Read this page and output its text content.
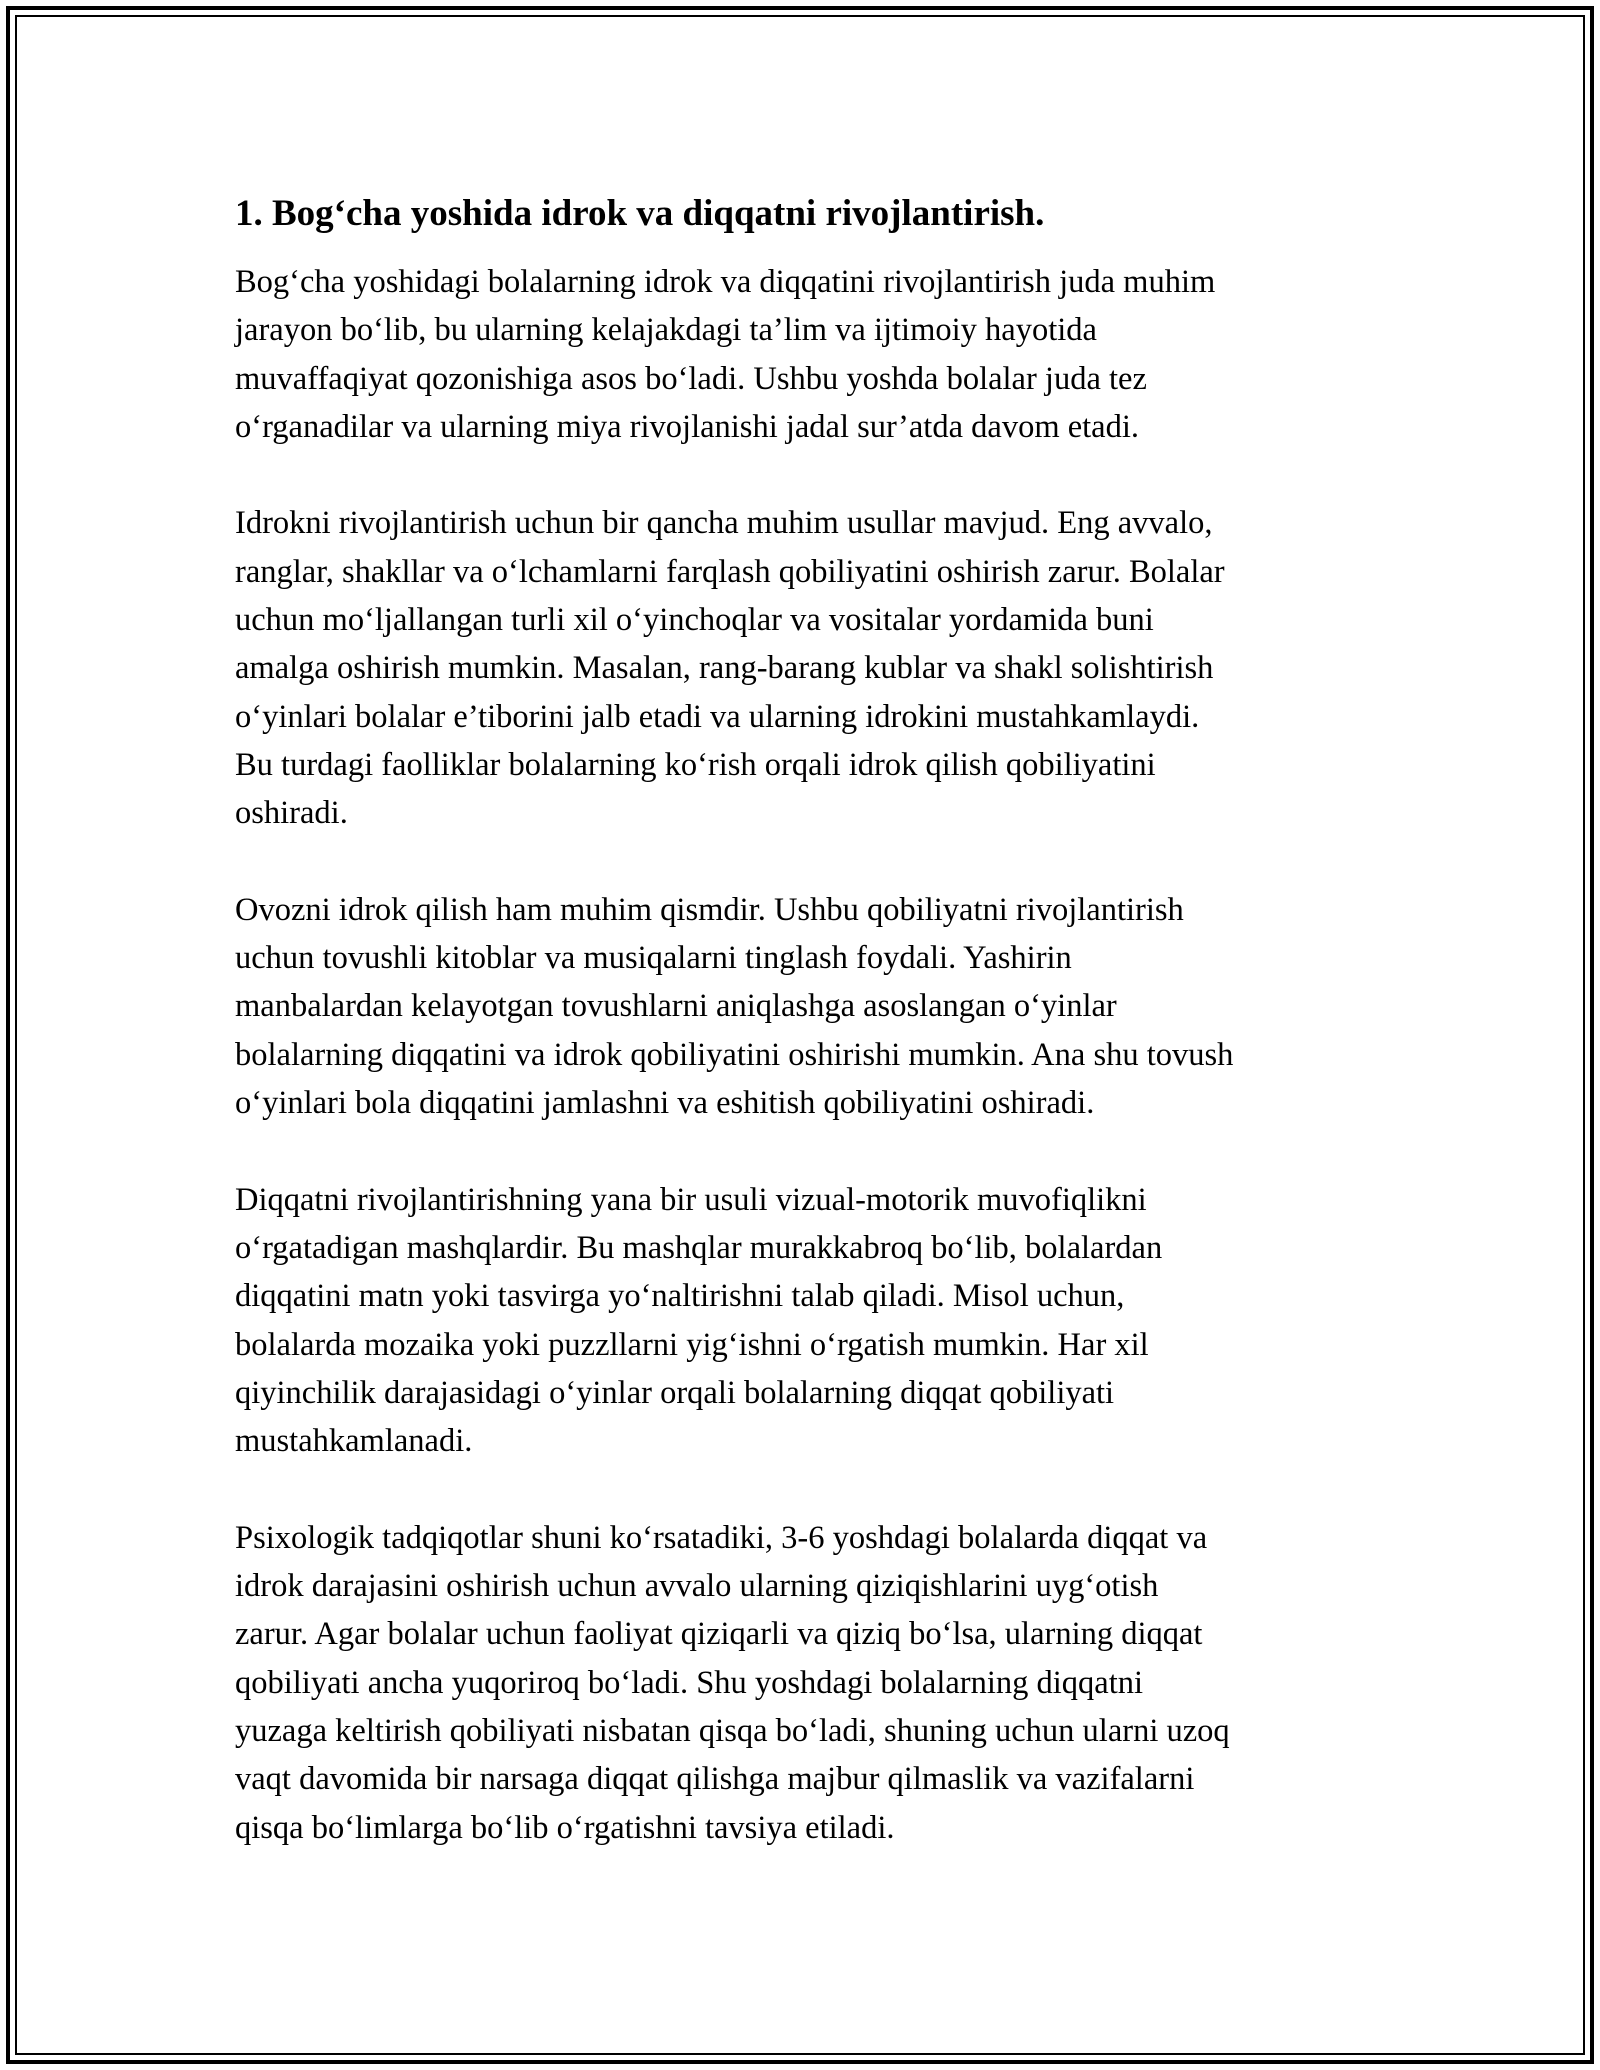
1. Bog‘cha yoshida idrok va diqqatni rivojlantirish.

Bog‘cha yoshidagi bolalarning idrok va diqqatini rivojlantirish juda muhim
jarayon bo‘lib, bu ularning kelajakdagi ta’lim va ijtimoiy hayotida
muvaffaqiyat qozonishiga asos bo‘ladi. Ushbu yoshda bolalar juda tez
o‘rganadilar va ularning miya rivojlanishi jadal sur’atda davom etadi.

Idrokni rivojlantirish uchun bir qancha muhim usullar mavjud. Eng avvalo,
ranglar, shakllar va o‘lchamlarni farqlash qobiliyatini oshirish zarur. Bolalar
uchun mo‘ljallangan turli xil o‘yinchoqlar va vositalar yordamida buni
amalga oshirish mumkin. Masalan, rang-barang kublar va shakl solishtirish
o‘yinlari bolalar e’tiborini jalb etadi va ularning idrokini mustahkamlaydi.
Bu turdagi faolliklar bolalarning ko‘rish orqali idrok qilish qobiliyatini
oshiradi.

Ovozni idrok qilish ham muhim qismdir. Ushbu qobiliyatni rivojlantirish
uchun tovushli kitoblar va musiqalarni tinglash foydali. Yashirin
manbalardan kelayotgan tovushlarni aniqlashga asoslangan o‘yinlar
bolalarning diqqatini va idrok qobiliyatini oshirishi mumkin. Ana shu tovush
o‘yinlari bola diqqatini jamlashni va eshitish qobiliyatini oshiradi.

Diqqatni rivojlantirishning yana bir usuli vizual-motorik muvofiqlikni
o‘rgatadigan mashqlardir. Bu mashqlar murakkabroq bo‘lib, bolalardan
diqqatini matn yoki tasvirga yo‘naltirishni talab qiladi. Misol uchun,
bolalarda mozaika yoki puzzllarni yig‘ishni o‘rgatish mumkin. Har xil
qiyinchilik darajasidagi o‘yinlar orqali bolalarning diqqat qobiliyati
mustahkamlanadi.

Psixologik tadqiqotlar shuni ko‘rsatadiki, 3-6 yoshdagi bolalarda diqqat va
idrok darajasini oshirish uchun avvalo ularning qiziqishlarini uyg‘otish
zarur. Agar bolalar uchun faoliyat qiziqarli va qiziq bo‘lsa, ularning diqqat
qobiliyati ancha yuqoriroq bo‘ladi. Shu yoshdagi bolalarning diqqatni
yuzaga keltirish qobiliyati nisbatan qisqa bo‘ladi, shuning uchun ularni uzoq
vaqt davomida bir narsaga diqqat qilishga majbur qilmaslik va vazifalarni
qisqa bo‘limlarga bo‘lib o‘rgatishni tavsiya etiladi.
